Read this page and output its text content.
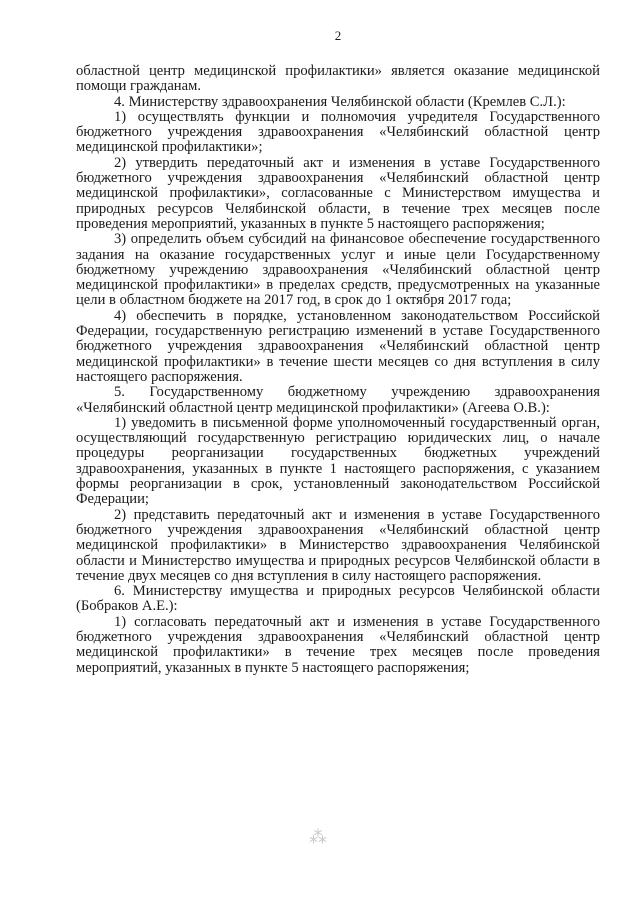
2

областной центр медицинской профилактики» является оказание медицинской помощи гражданам.

4. Министерству здравоохранения Челябинской области (Кремлев С.Л.):

1) осуществлять функции и полномочия учредителя Государственного бюджетного учреждения здравоохранения «Челябинский областной центр медицинской профилактики»;

2) утвердить передаточный акт и изменения в уставе Государственного бюджетного учреждения здравоохранения «Челябинский областной центр медицинской профилактики», согласованные с Министерством имущества и природных ресурсов Челябинской области, в течение трех месяцев после проведения мероприятий, указанных в пункте 5 настоящего распоряжения;

3) определить объем субсидий на финансовое обеспечение государственного задания на оказание государственных услуг и иные цели Государственному бюджетному учреждению здравоохранения «Челябинский областной центр медицинской профилактики» в пределах средств, предусмотренных на указанные цели в областном бюджете на 2017 год, в срок до 1 октября 2017 года;

4) обеспечить в порядке, установленном законодательством Российской Федерации, государственную регистрацию изменений в уставе Государственного бюджетного учреждения здравоохранения «Челябинский областной центр медицинской профилактики» в течение шести месяцев со дня вступления в силу настоящего распоряжения.

5. Государственному бюджетному учреждению здравоохранения «Челябинский областной центр медицинской профилактики» (Агеева О.В.):

1) уведомить в письменной форме уполномоченный государственный орган, осуществляющий государственную регистрацию юридических лиц, о начале процедуры реорганизации государственных бюджетных учреждений здравоохранения, указанных в пункте 1 настоящего распоряжения, с указанием формы реорганизации в срок, установленный законодательством Российской Федерации;

2) представить передаточный акт и изменения в уставе Государственного бюджетного учреждения здравоохранения «Челябинский областной центр медицинской профилактики» в Министерство здравоохранения Челябинской области и Министерство имущества и природных ресурсов Челябинской области в течение двух месяцев со дня вступления в силу настоящего распоряжения.

6. Министерству имущества и природных ресурсов Челябинской области (Бобраков А.Е.):

1) согласовать передаточный акт и изменения в уставе Государственного бюджетного учреждения здравоохранения «Челябинский областной центр медицинской профилактики» в течение трех месяцев после проведения мероприятий, указанных в пункте 5 настоящего распоряжения;

⁂
